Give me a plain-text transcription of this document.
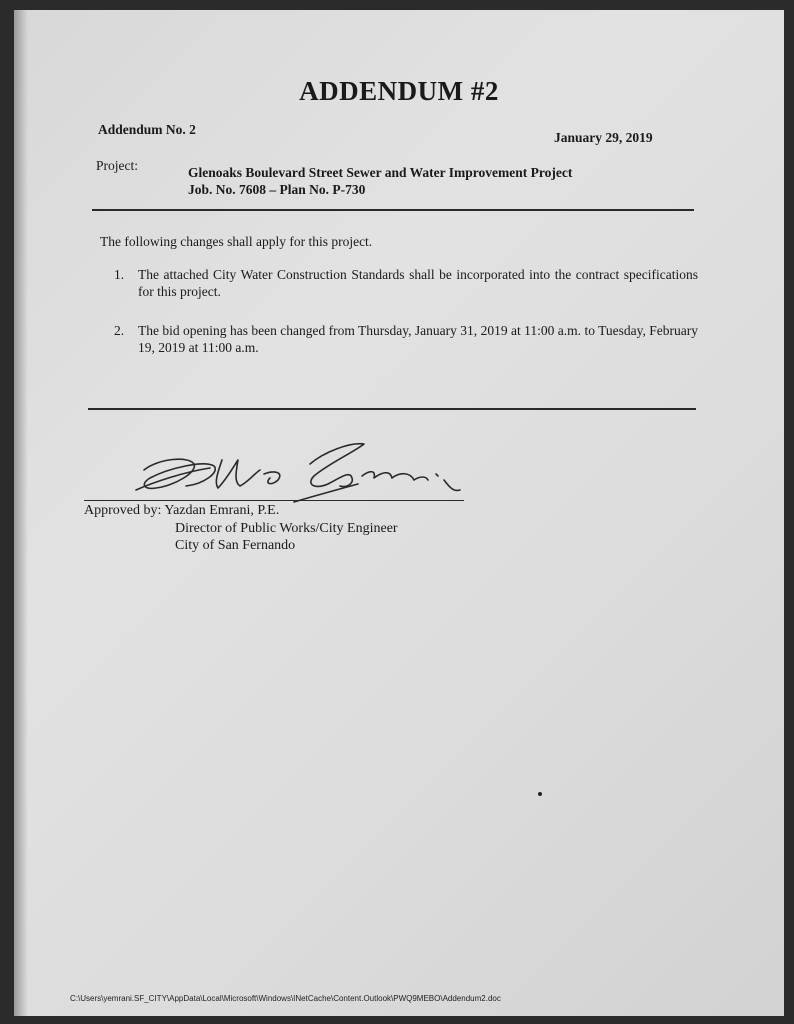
ADDENDUM #2
Addendum No. 2
January 29, 2019
Project:	Glenoaks Boulevard Street Sewer and Water Improvement Project
Job. No. 7608 – Plan No. P-730
The following changes shall apply for this project.
1. The attached City Water Construction Standards shall be incorporated into the contract specifications for this project.
2. The bid opening has been changed from Thursday, January 31, 2019 at 11:00 a.m. to Tuesday, February 19, 2019 at 11:00 a.m.
Approved by: Yazdan Emrani, P.E.
Director of Public Works/City Engineer
City of San Fernando
C:\Users\yemrani.SF_CITY\AppData\Local\Microsoft\Windows\INetCache\Content.Outlook\PWQ9MEBO\Addendum2.doc
